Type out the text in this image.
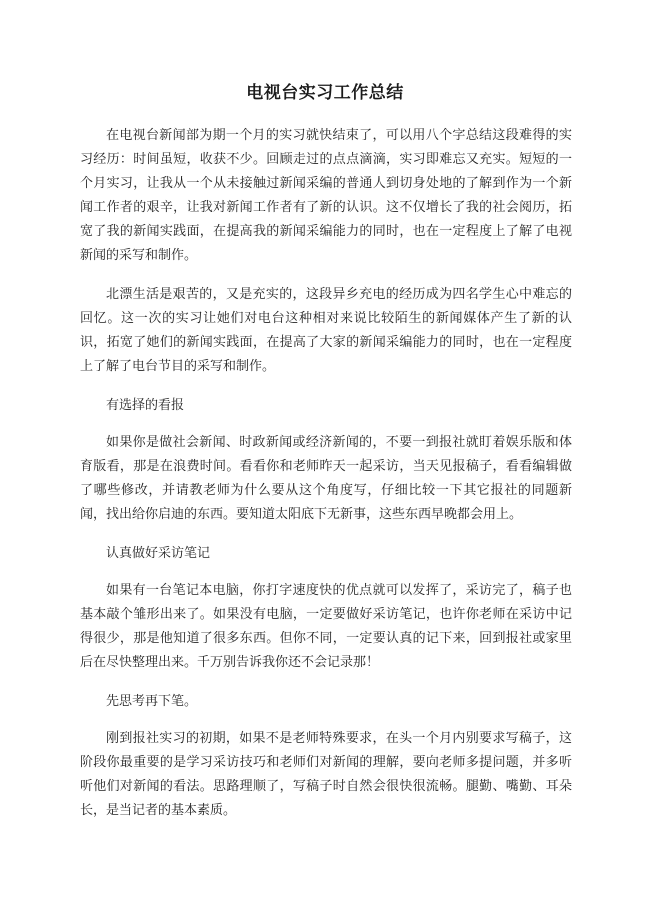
电视台实习工作总结

在电视台新闻部为期一个月的实习就快结束了，可以用八个字总结这段难得的实习经历：时间虽短，收获不少。回顾走过的点点滴滴，实习即难忘又充实。短短的一个月实习，让我从一个从未接触过新闻采编的普通人到切身处地的了解到作为一个新闻工作者的艰辛，让我对新闻工作者有了新的认识。这不仅增长了我的社会阅历，拓宽了我的新闻实践面，在提高我的新闻采编能力的同时，也在一定程度上了解了电视新闻的采写和制作。

北漂生活是艰苦的，又是充实的，这段异乡充电的经历成为四名学生心中难忘的回忆。这一次的实习让她们对电台这种相对来说比较陌生的新闻媒体产生了新的认识，拓宽了她们的新闻实践面，在提高了大家的新闻采编能力的同时，也在一定程度上了解了电台节目的采写和制作。

有选择的看报

如果你是做社会新闻、时政新闻或经济新闻的，不要一到报社就盯着娱乐版和体育版看，那是在浪费时间。看看你和老师昨天一起采访，当天见报稿子，看看编辑做了哪些修改，并请教老师为什么要从这个角度写，仔细比较一下其它报社的同题新闻，找出给你启迪的东西。要知道太阳底下无新事，这些东西早晚都会用上。

认真做好采访笔记

如果有一台笔记本电脑，你打字速度快的优点就可以发挥了，采访完了，稿子也基本敲个雏形出来了。如果没有电脑，一定要做好采访笔记，也许你老师在采访中记得很少，那是他知道了很多东西。但你不同，一定要认真的记下来，回到报社或家里后在尽快整理出来。千万别告诉我你还不会记录那！

先思考再下笔。

刚到报社实习的初期，如果不是老师特殊要求，在头一个月内别要求写稿子，这阶段你最重要的是学习采访技巧和老师们对新闻的理解，要向老师多提问题，并多听听他们对新闻的看法。思路理顺了，写稿子时自然会很快很流畅。腿勤、嘴勤、耳朵长，是当记者的基本素质。
